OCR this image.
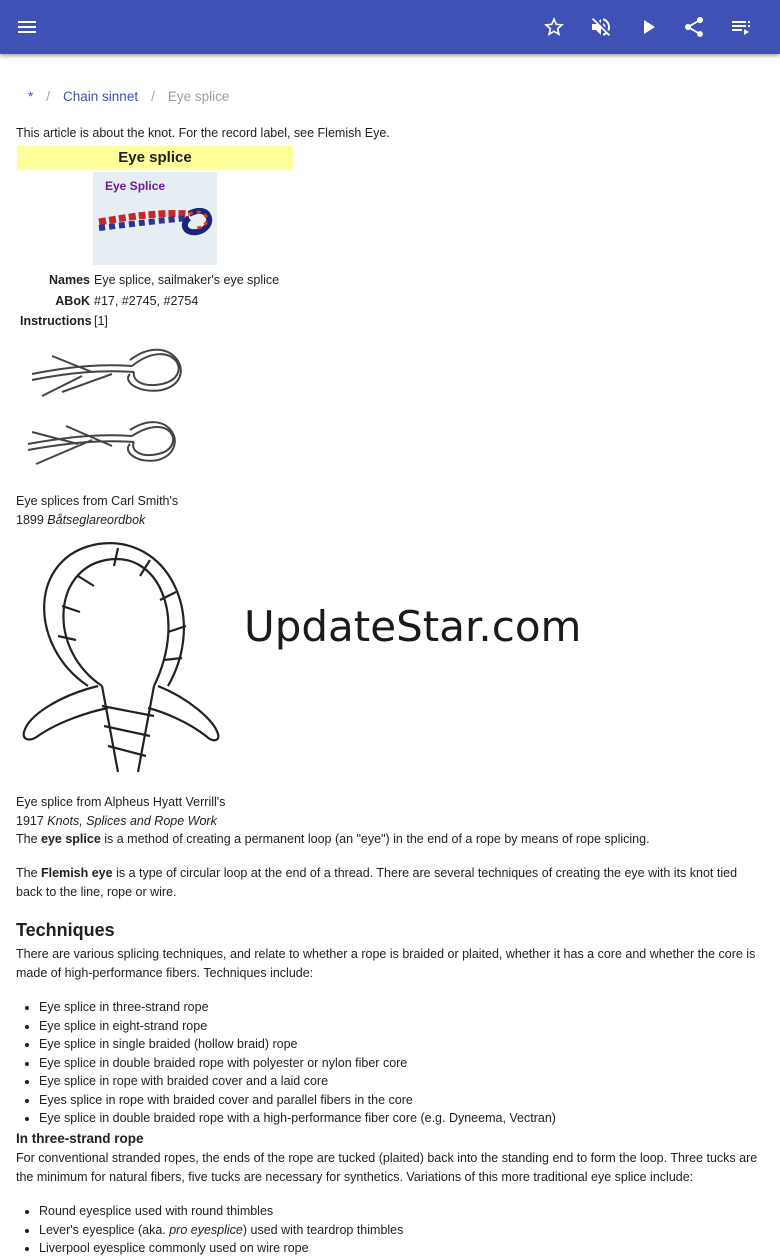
* / Chain sinnet / Eye splice
This article is about the knot. For the record label, see Flemish Eye.
Eye splice
Eye Splice
Names Eye splice, sailmaker's eye splice
ABoK #17, #2745, #2754
Instructions [1]
Eye splices from Carl Smith's
1899 Båtseglareordbok
UpdateStar.com
Eye splice from Alpheus Hyatt Verrill's
1917 Knots, Splices and Rope Work
The eye splice is a method of creating a permanent loop (an "eye") in the end of a rope by means of rope splicing.
The Flemish eye is a type of circular loop at the end of a thread. There are several techniques of creating the eye with its knot tied back to the line, rope or wire.
Techniques
There are various splicing techniques, and relate to whether a rope is braided or plaited, whether it has a core and whether the core is made of high-performance fibers. Techniques include:
• Eye splice in three-strand rope
• Eye splice in eight-strand rope
• Eye splice in single braided (hollow braid) rope
• Eye splice in double braided rope with polyester or nylon fiber core
• Eye splice in rope with braided cover and a laid core
• Eyes splice in rope with braided cover and parallel fibers in the core
• Eye splice in double braided rope with a high-performance fiber core (e.g. Dyneema, Vectran)
In three-strand rope
For conventional stranded ropes, the ends of the rope are tucked (plaited) back into the standing end to form the loop. Three tucks are the minimum for natural fibers, five tucks are necessary for synthetics. Variations of this more traditional eye splice include:
• Round eyesplice used with round thimbles
• Lever's eyesplice (aka. pro eyesplice) used with teardrop thimbles
• Liverpool eyesplice commonly used on wire rope
